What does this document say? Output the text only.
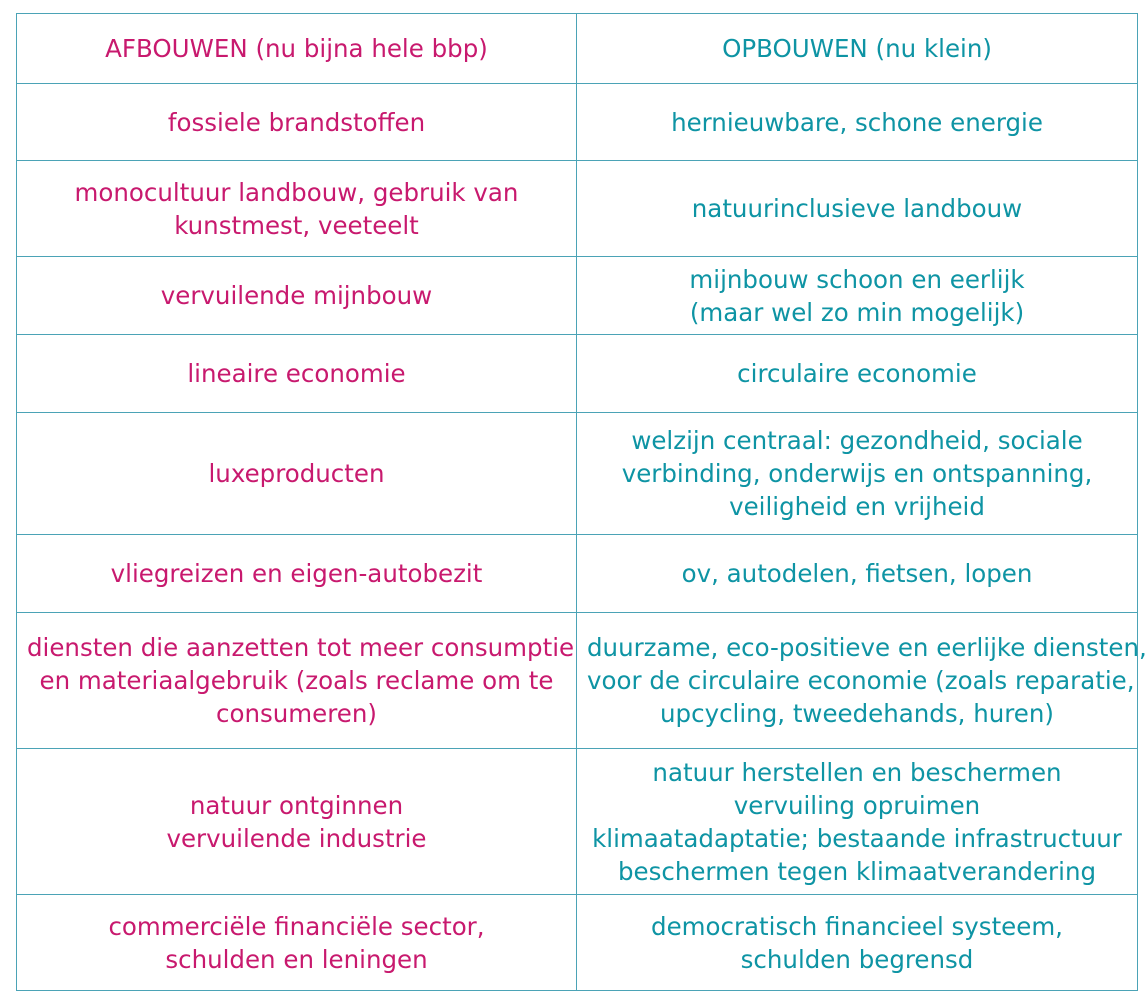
AFBOUWEN (nu bijna hele bbp)	OPBOUWEN (nu klein)

fossiele brandstoffen	hernieuwbare, schone energie

monocultuur landbouw, gebruik van
kunstmest, veeteelt	natuurinclusieve landbouw

vervuilende mijnbouw	mijnbouw schoon en eerlijk
(maar wel zo min mogelijk)

lineaire economie	circulaire economie

luxeproducten	welzijn centraal: gezondheid, sociale
verbinding, onderwijs en ontspanning,
veiligheid en vrijheid

vliegreizen en eigen-autobezit	ov, autodelen, fietsen, lopen

diensten die aanzetten tot meer consumptie
en materiaalgebruik (zoals reclame om te
consumeren)	duurzame, eco-positieve en eerlijke diensten,
voor de circulaire economie (zoals reparatie,
upcycling, tweedehands, huren)

natuur ontginnen
vervuilende industrie	natuur herstellen en beschermen
vervuiling opruimen
klimaatadaptatie; bestaande infrastructuur
beschermen tegen klimaatverandering

commerciële financiële sector,
schulden en leningen	democratisch financieel systeem,
schulden begrensd
